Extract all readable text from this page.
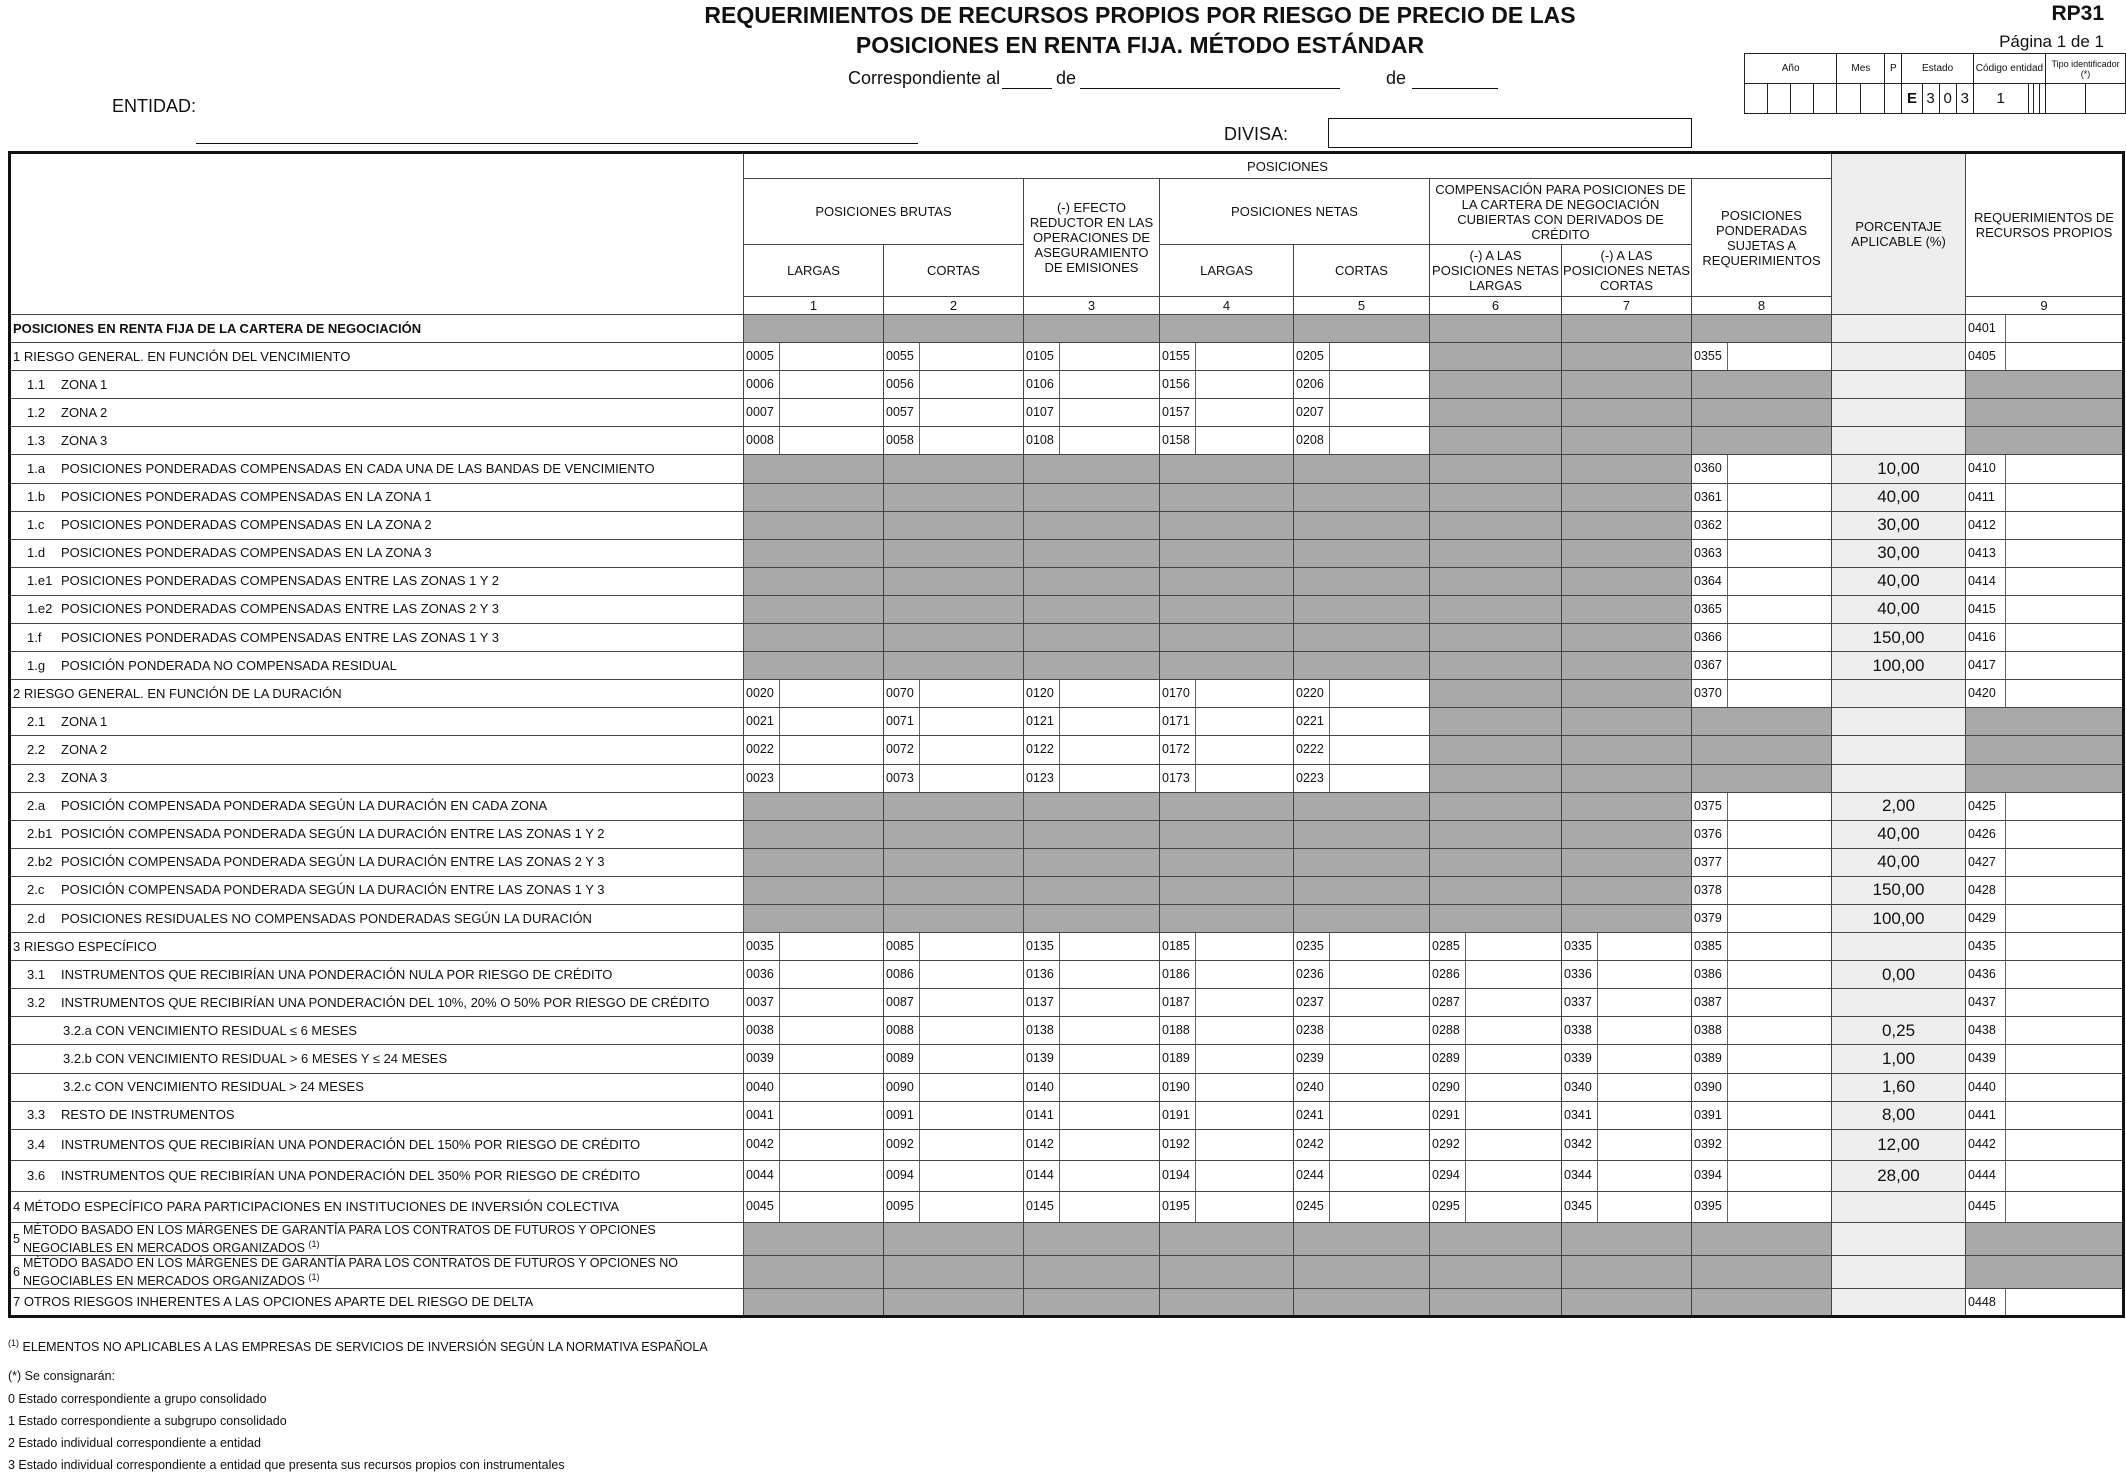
REQUERIMIENTOS DE RECURSOS PROPIOS POR RIESGO DE PRECIO DE LAS
POSICIONES EN RENTA FIJA. MÉTODO ESTÁNDAR
RP31
Página 1 de 1
Correspondiente al	de	de
ENTIDAD:
DIVISA:
Año				Mes		P	Estado				Código entidad				Tipo identificador (*)	
							E	3	0	3	1					
	POSICIONES								PORCENTAJE APLICABLE (%)	REQUERIMIENTOS DE RECURSOS PROPIOS
	POSICIONES BRUTAS		(-) EFECTO REDUCTOR EN LAS OPERACIONES DE ASEGURAMIENTO DE EMISIONES	POSICIONES NETAS		COMPENSACIÓN PARA POSICIONES DE LA CARTERA DE NEGOCIACIÓN CUBIERTAS CON DERIVADOS DE CRÉDITO		POSICIONES PONDERADAS SUJETAS A REQUERIMIENTOS		
	LARGAS	CORTAS		LARGAS	CORTAS	(-) A LAS POSICIONES NETAS LARGAS	(-) A LAS POSICIONES NETAS CORTAS			
	1	2	3	4	5	6	7	8		9
POSICIONES EN RENTA FIJA DE LA CARTERA DE NEGOCIACIÓN										0401

1 RIESGO GENERAL. EN FUNCIÓN DEL VENCIMIENTO	0005	0055	0105	0155	0205			0355		0405

1.1 ZONA 1	0006	0056	0106	0156	0206					

1.2 ZONA 2	0007	0057	0107	0157	0207					

1.3 ZONA 3	0008	0058	0108	0158	0208					

1.a POSICIONES PONDERADAS COMPENSADAS EN CADA UNA DE LAS BANDAS DE VENCIMIENTO								0360	10,00	0410

1.b POSICIONES PONDERADAS COMPENSADAS EN LA ZONA 1								0361	40,00	0411

1.c POSICIONES PONDERADAS COMPENSADAS EN LA ZONA 2								0362	30,00	0412

1.d POSICIONES PONDERADAS COMPENSADAS EN LA ZONA 3								0363	30,00	0413

1.e1 POSICIONES PONDERADAS COMPENSADAS ENTRE LAS ZONAS 1 Y 2								0364	40,00	0414

1.e2 POSICIONES PONDERADAS COMPENSADAS ENTRE LAS ZONAS 2 Y 3								0365	40,00	0415

1.f POSICIONES PONDERADAS COMPENSADAS ENTRE LAS ZONAS 1 Y 3								0366	150,00	0416

1.g POSICIÓN PONDERADA NO COMPENSADA RESIDUAL								0367	100,00	0417

2 RIESGO GENERAL. EN FUNCIÓN DE LA DURACIÓN	0020	0070	0120	0170	0220			0370		0420

2.1 ZONA 1	0021	0071	0121	0171	0221					

2.2 ZONA 2	0022	0072	0122	0172	0222					

2.3 ZONA 3	0023	0073	0123	0173	0223					

2.a POSICIÓN COMPENSADA PONDERADA SEGÚN LA DURACIÓN EN CADA ZONA								0375	2,00	0425

2.b1 POSICIÓN COMPENSADA PONDERADA SEGÚN LA DURACIÓN ENTRE LAS ZONAS 1 Y 2								0376	40,00	0426

2.b2 POSICIÓN COMPENSADA PONDERADA SEGÚN LA DURACIÓN ENTRE LAS ZONAS 2 Y 3								0377	40,00	0427

2.c POSICIÓN COMPENSADA PONDERADA SEGÚN LA DURACIÓN ENTRE LAS ZONAS 1 Y 3								0378	150,00	0428

2.d POSICIONES RESIDUALES NO COMPENSADAS PONDERADAS SEGÚN LA DURACIÓN								0379	100,00	0429

3 RIESGO ESPECÍFICO	0035	0085	0135	0185	0235	0285	0335	0385		0435

3.1 INSTRUMENTOS QUE RECIBIRÍAN UNA PONDERACIÓN NULA POR RIESGO DE CRÉDITO	0036	0086	0136	0186	0236	0286	0336	0386	0,00	0436

3.2 INSTRUMENTOS QUE RECIBIRÍAN UNA PONDERACIÓN DEL 10%, 20% O 50% POR RIESGO DE CRÉDITO	0037	0087	0137	0187	0237	0287	0337	0387		0437

3.2.a CON VENCIMIENTO RESIDUAL ≤ 6 MESES	0038	0088	0138	0188	0238	0288	0338	0388	0,25	0438

3.2.b CON VENCIMIENTO RESIDUAL > 6 MESES Y ≤ 24 MESES	0039	0089	0139	0189	0239	0289	0339	0389	1,00	0439

3.2.c CON VENCIMIENTO RESIDUAL > 24 MESES	0040	0090	0140	0190	0240	0290	0340	0390	1,60	0440

3.3 RESTO DE INSTRUMENTOS	0041	0091	0141	0191	0241	0291	0341	0391	8,00	0441

3.4 INSTRUMENTOS QUE RECIBIRÍAN UNA PONDERACIÓN DEL 150% POR RIESGO DE CRÉDITO	0042	0092	0142	0192	0242	0292	0342	0392	12,00	0442

3.6 INSTRUMENTOS QUE RECIBIRÍAN UNA PONDERACIÓN DEL 350% POR RIESGO DE CRÉDITO	0044	0094	0144	0194	0244	0294	0344	0394	28,00	0444

4 MÉTODO ESPECÍFICO PARA PARTICIPACIONES EN INSTITUCIONES DE INVERSIÓN COLECTIVA	0045	0095	0145	0195	0245	0295	0345	0395		0445

5MÉTODO BASADO EN LOS MÁRGENES DE GARANTÍA PARA LOS CONTRATOS DE FUTUROS Y OPCIONES NEGOCIABLES EN MERCADOS ORGANIZADOS $^{(1)}$										
6MÉTODO BASADO EN LOS MÁRGENES DE GARANTÍA PARA LOS CONTRATOS DE FUTUROS Y OPCIONES NO NEGOCIABLES EN MERCADOS ORGANIZADOS $^{(1)}$										
7 OTROS RIESGOS INHERENTES A LAS OPCIONES APARTE DEL RIESGO DE DELTA										0448
$^{(1)}$ ELEMENTOS NO APLICABLES A LAS EMPRESAS DE SERVICIOS DE INVERSIÓN SEGÚN LA NORMATIVA ESPAÑOLA
(*) Se consignarán:
0 Estado correspondiente a grupo consolidado
1 Estado correspondiente a subgrupo consolidado
2 Estado individual correspondiente a entidad
3 Estado individual correspondiente a entidad que presenta sus recursos propios con instrumentales
